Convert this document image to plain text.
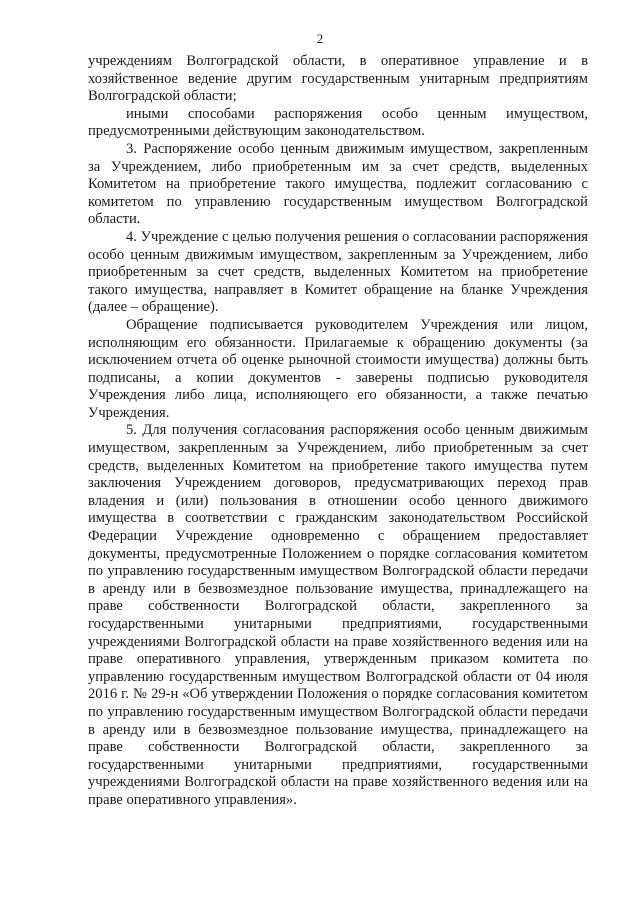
2

учреждениям Волгоградской области, в оперативное управление и в хозяйственное ведение другим государственным унитарным предприятиям Волгоградской области;

иными способами распоряжения особо ценным имуществом, предусмотренными действующим законодательством.

3. Распоряжение особо ценным движимым имуществом, закрепленным за Учреждением, либо приобретенным им за счет средств, выделенных Комитетом на приобретение такого имущества, подлежит согласованию с комитетом по управлению государственным имуществом Волгоградской области.

4. Учреждение с целью получения решения о согласовании распоряжения особо ценным движимым имуществом, закрепленным за Учреждением, либо приобретенным за счет средств, выделенных Комитетом на приобретение такого имущества, направляет в Комитет обращение на бланке Учреждения (далее – обращение).

Обращение подписывается руководителем Учреждения или лицом, исполняющим его обязанности. Прилагаемые к обращению документы (за исключением отчета об оценке рыночной стоимости имущества) должны быть подписаны, а копии документов - заверены подписью руководителя Учреждения либо лица, исполняющего его обязанности, а также печатью Учреждения.

5. Для получения согласования распоряжения особо ценным движимым имуществом, закрепленным за Учреждением, либо приобретенным за счет средств, выделенных Комитетом на приобретение такого имущества путем заключения Учреждением договоров, предусматривающих переход прав владения и (или) пользования в отношении особо ценного движимого имущества в соответствии с гражданским законодательством Российской Федерации Учреждение одновременно с обращением предоставляет документы, предусмотренные Положением о порядке согласования комитетом по управлению государственным имуществом Волгоградской области передачи в аренду или в безвозмездное пользование имущества, принадлежащего на праве собственности Волгоградской области, закрепленного за государственными унитарными предприятиями, государственными учреждениями Волгоградской области на праве хозяйственного ведения или на праве оперативного управления, утвержденным приказом комитета по управлению государственным имуществом Волгоградской области от 04 июля 2016 г. № 29-н «Об утверждении Положения о порядке согласования комитетом по управлению государственным имуществом Волгоградской области передачи в аренду или в безвозмездное пользование имущества, принадлежащего на праве собственности Волгоградской области, закрепленного за государственными унитарными предприятиями, государственными учреждениями Волгоградской области на праве хозяйственного ведения или на праве оперативного управления».
